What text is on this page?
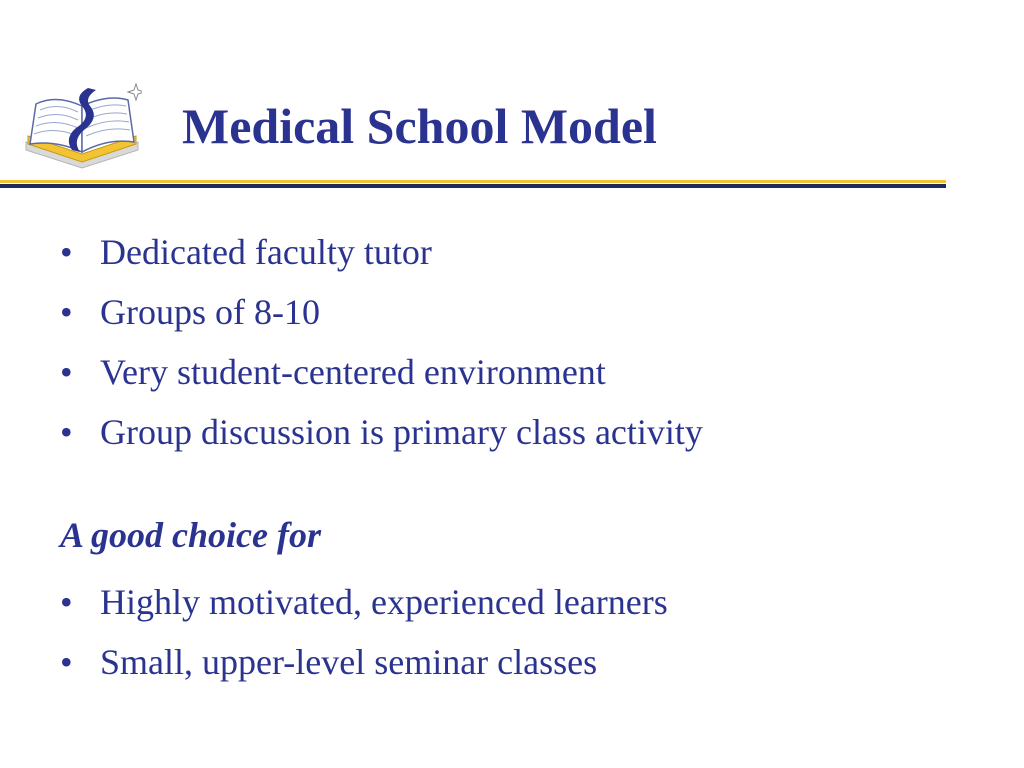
Medical School Model
• Dedicated faculty tutor
• Groups of 8-10
• Very student-centered environment
• Group discussion is primary class activity
A good choice for
• Highly motivated, experienced learners
• Small, upper-level seminar classes
